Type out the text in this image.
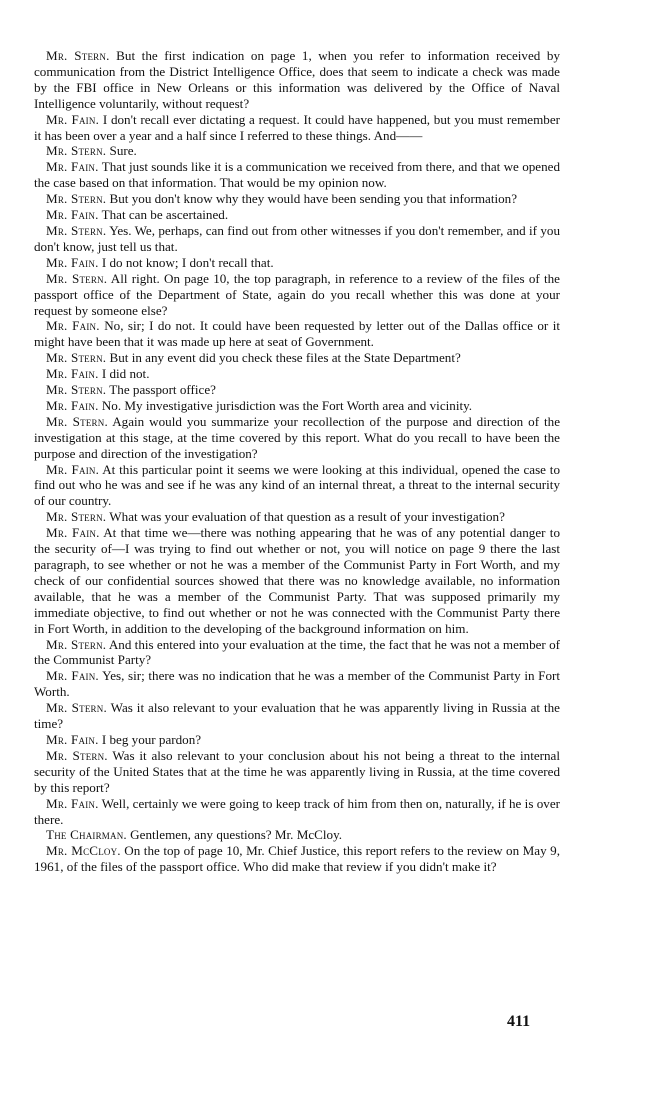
Mr. Stern. But the first indication on page 1, when you refer to information received by communication from the District Intelligence Office, does that seem to indicate a check was made by the FBI office in New Orleans or this information was delivered by the Office of Naval Intelligence voluntarily, without request?

Mr. Fain. I don't recall ever dictating a request. It could have happened, but you must remember it has been over a year and a half since I referred to these things. And——

Mr. Stern. Sure.

Mr. Fain. That just sounds like it is a communication we received from there, and that we opened the case based on that information. That would be my opinion now.

Mr. Stern. But you don't know why they would have been sending you that information?

Mr. Fain. That can be ascertained.

Mr. Stern. Yes. We, perhaps, can find out from other witnesses if you don't remember, and if you don't know, just tell us that.

Mr. Fain. I do not know; I don't recall that.

Mr. Stern. All right. On page 10, the top paragraph, in reference to a review of the files of the passport office of the Department of State, again do you recall whether this was done at your request by someone else?

Mr. Fain. No, sir; I do not. It could have been requested by letter out of the Dallas office or it might have been that it was made up here at seat of Government.

Mr. Stern. But in any event did you check these files at the State Department?

Mr. Fain. I did not.

Mr. Stern. The passport office?

Mr. Fain. No. My investigative jurisdiction was the Fort Worth area and vicinity.

Mr. Stern. Again would you summarize your recollection of the purpose and direction of the investigation at this stage, at the time covered by this report. What do you recall to have been the purpose and direction of the investigation?

Mr. Fain. At this particular point it seems we were looking at this individual, opened the case to find out who he was and see if he was any kind of an internal threat, a threat to the internal security of our country.

Mr. Stern. What was your evaluation of that question as a result of your investigation?

Mr. Fain. At that time we—there was nothing appearing that he was of any potential danger to the security of—I was trying to find out whether or not, you will notice on page 9 there the last paragraph, to see whether or not he was a member of the Communist Party in Fort Worth, and my check of our confidential sources showed that there was no knowledge available, no information available, that he was a member of the Communist Party. That was supposed primarily my immediate objective, to find out whether or not he was connected with the Communist Party there in Fort Worth, in addition to the developing of the background information on him.

Mr. Stern. And this entered into your evaluation at the time, the fact that he was not a member of the Communist Party?

Mr. Fain. Yes, sir; there was no indication that he was a member of the Communist Party in Fort Worth.

Mr. Stern. Was it also relevant to your evaluation that he was apparently living in Russia at the time?

Mr. Fain. I beg your pardon?

Mr. Stern. Was it also relevant to your conclusion about his not being a threat to the internal security of the United States that at the time he was apparently living in Russia, at the time covered by this report?

Mr. Fain. Well, certainly we were going to keep track of him from then on, naturally, if he is over there.

The Chairman. Gentlemen, any questions? Mr. McCloy.

Mr. McCloy. On the top of page 10, Mr. Chief Justice, this report refers to the review on May 9, 1961, of the files of the passport office. Who did make that review if you didn't make it?

411
